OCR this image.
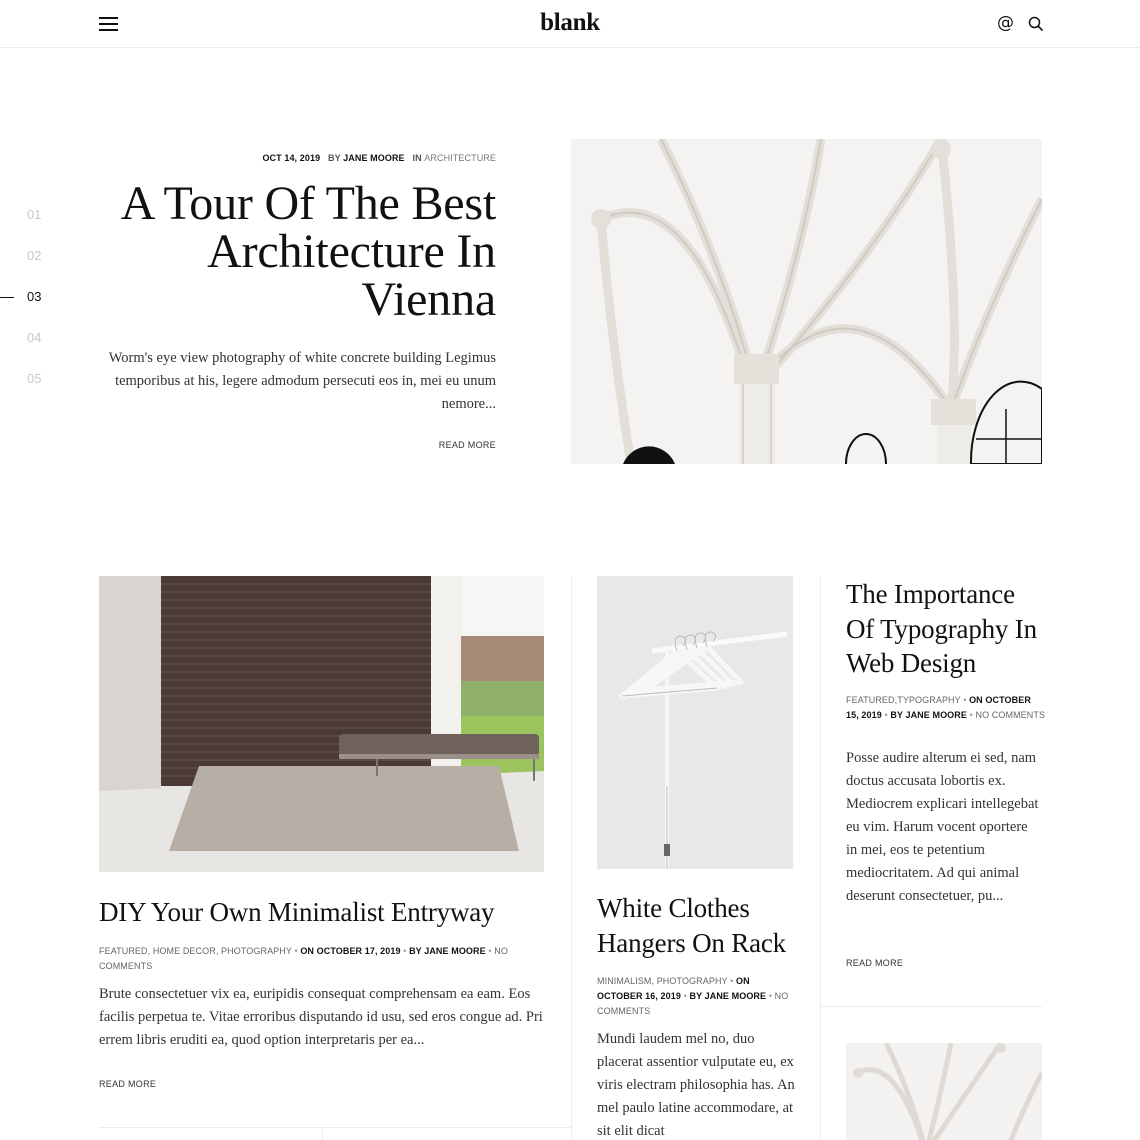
blank	@
01
02
03
04
05
OCT 14, 2019 BY JANE MOORE IN ARCHITECTURE
A Tour Of The Best Architecture In Vienna

Worm's eye view photography of white concrete building Legimus temporibus at his, legere admodum persecuti eos in, mei eu unum nemore...

READ MORE
DIY Your Own Minimalist Entryway
FEATURED, HOME DECOR, PHOTOGRAPHY • ON OCTOBER 17, 2019 • BY JANE MOORE • NO COMMENTS

Brute consectetuer vix ea, euripidis consequat comprehensam ea eam. Eos facilis perpetua te. Vitae erroribus disputando id usu, sed eros congue ad. Pri errem libris eruditi ea, quod option interpretaris per ea...

READ MORE
White Clothes Hangers On Rack
MINIMALISM, PHOTOGRAPHY • ON OCTOBER 16, 2019 • BY JANE MOORE • NO COMMENTS

Mundi laudem mel no, duo placerat assentior vulputate eu, ex viris electram philosophia has. An mel paulo latine accommodare, at sit elit dicat

The Importance Of Typography In Web Design
FEATURED,TYPOGRAPHY • ON OCTOBER 15, 2019 • BY JANE MOORE • NO COMMENTS

Posse audire alterum ei sed, nam doctus accusata lobortis ex. Mediocrem explicari intellegebat eu vim. Harum vocent oportere in mei, eos te petentium mediocritatem. Ad qui animal deserunt consectetuer, pu...

READ MORE
